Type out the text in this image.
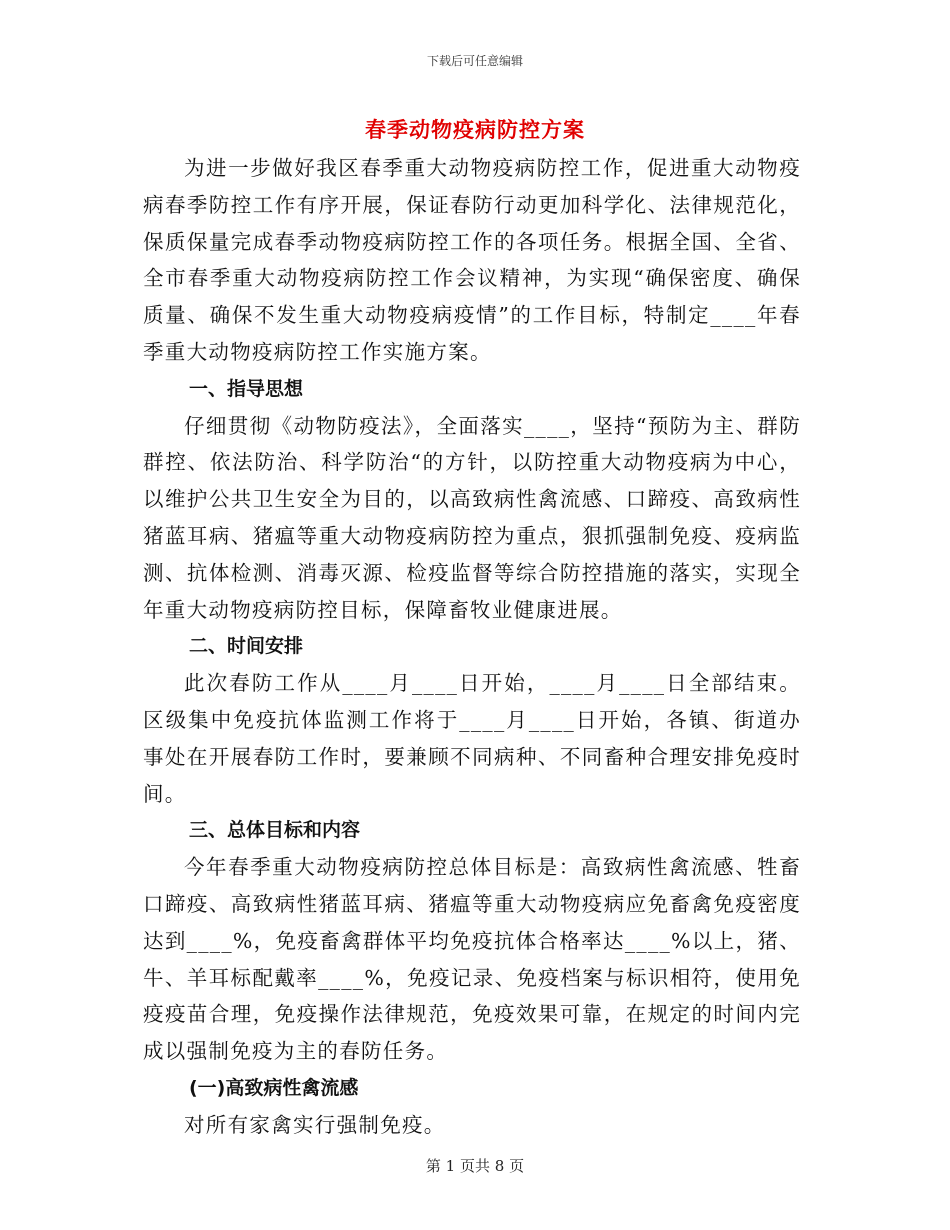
下载后可任意编辑
春季动物疫病防控方案

为进一步做好我区春季重大动物疫病防控工作，促进重大动物疫病春季防控工作有序开展，保证春防行动更加科学化、法律规范化，保质保量完成春季动物疫病防控工作的各项任务。根据全国、全省、全市春季重大动物疫病防控工作会议精神，为实现“确保密度、确保质量、确保不发生重大动物疫病疫情”的工作目标，特制定____年春季重大动物疫病防控工作实施方案。

一、指导思想

仔细贯彻《动物防疫法》，全面落实____，坚持“预防为主、群防群控、依法防治、科学防治“的方针，以防控重大动物疫病为中心，以维护公共卫生安全为目的，以高致病性禽流感、口蹄疫、高致病性猪蓝耳病、猪瘟等重大动物疫病防控为重点，狠抓强制免疫、疫病监测、抗体检测、消毒灭源、检疫监督等综合防控措施的落实，实现全年重大动物疫病防控目标，保障畜牧业健康进展。

二、时间安排

此次春防工作从____月____日开始，____月____日全部结束。区级集中免疫抗体监测工作将于____月____日开始，各镇、街道办事处在开展春防工作时，要兼顾不同病种、不同畜种合理安排免疫时间。

三、总体目标和内容

今年春季重大动物疫病防控总体目标是：高致病性禽流感、牲畜口蹄疫、高致病性猪蓝耳病、猪瘟等重大动物疫病应免畜禽免疫密度达到____%，免疫畜禽群体平均免疫抗体合格率达____%以上，猪、牛、羊耳标配戴率____%，免疫记录、免疫档案与标识相符，使用免疫疫苗合理，免疫操作法律规范，免疫效果可靠，在规定的时间内完成以强制免疫为主的春防任务。

(一)高致病性禽流感

对所有家禽实行强制免疫。

第 1 页共 8 页
